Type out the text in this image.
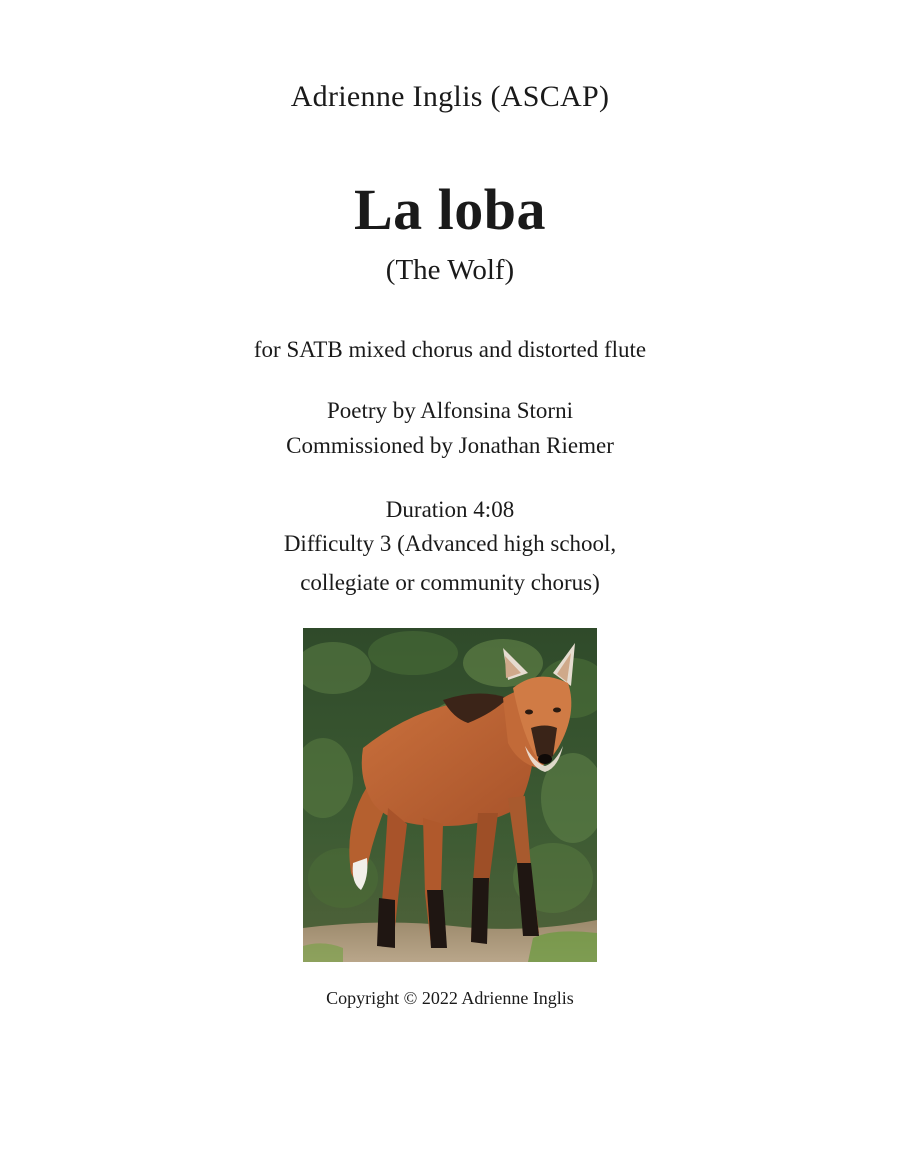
Adrienne Inglis (ASCAP)
La loba
(The Wolf)
for SATB mixed chorus and distorted flute
Poetry by Alfonsina Storni
Commissioned by Jonathan Riemer
Duration 4:08
Difficulty 3 (Advanced high school,
collegiate or community chorus)
Copyright © 2022 Adrienne Inglis
